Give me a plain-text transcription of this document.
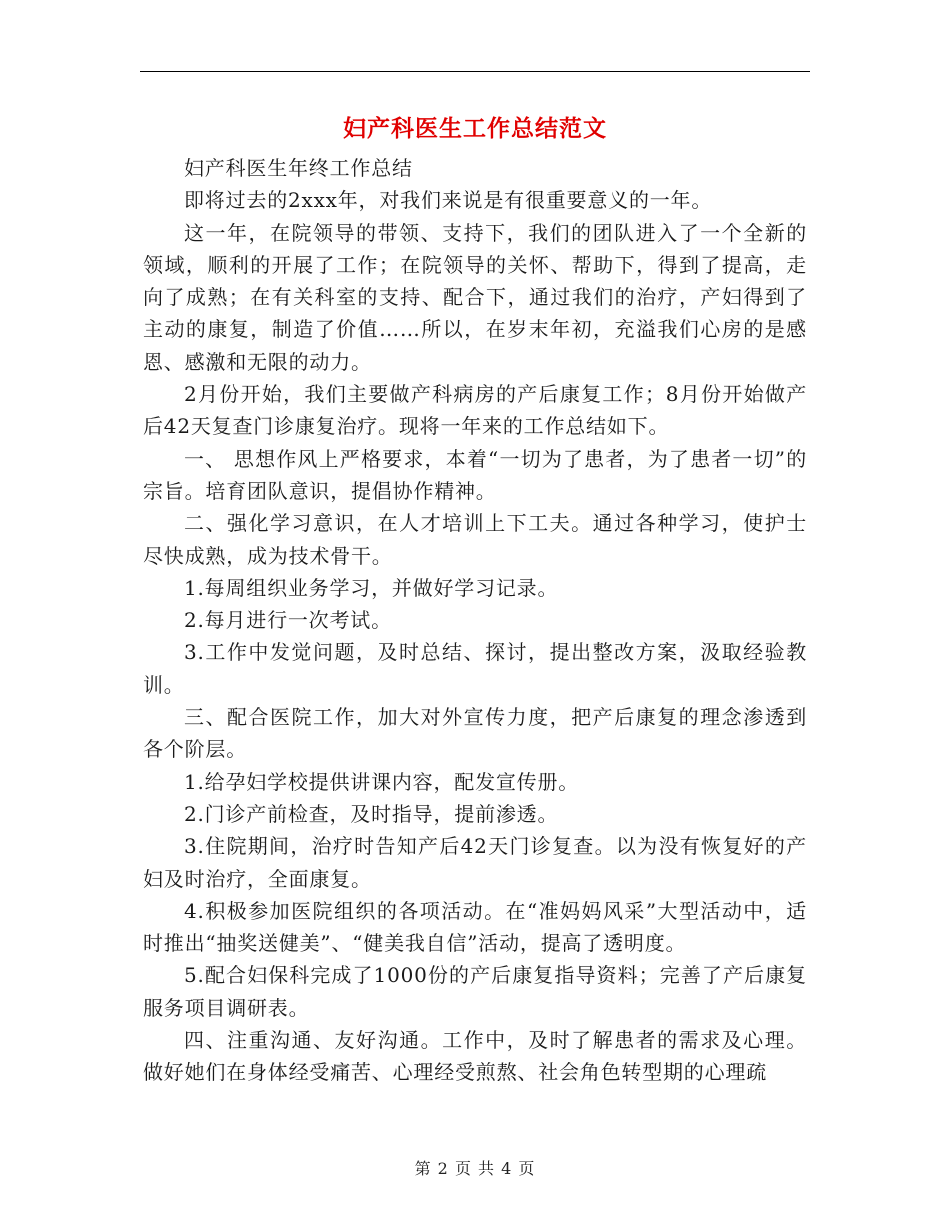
妇产科医生工作总结范文

妇产科医生年终工作总结

即将过去的2xxx年，对我们来说是有很重要意义的一年。

这一年，在院领导的带领、支持下，我们的团队进入了一个全新的领域，顺利的开展了工作；在院领导的关怀、帮助下，得到了提高，走向了成熟；在有关科室的支持、配合下，通过我们的治疗，产妇得到了主动的康复，制造了价值……所以，在岁末年初，充溢我们心房的是感恩、感激和无限的动力。

2月份开始，我们主要做产科病房的产后康复工作；8月份开始做产后42天复查门诊康复治疗。现将一年来的工作总结如下。

一、 思想作风上严格要求，本着“一切为了患者，为了患者一切”的宗旨。培育团队意识，提倡协作精神。

二、强化学习意识，在人才培训上下工夫。通过各种学习，使护士尽快成熟，成为技术骨干。

1.每周组织业务学习，并做好学习记录。

2.每月进行一次考试。

3.工作中发觉问题，及时总结、探讨，提出整改方案，汲取经验教训。

三、配合医院工作，加大对外宣传力度，把产后康复的理念渗透到各个阶层。

1.给孕妇学校提供讲课内容，配发宣传册。

2.门诊产前检查，及时指导，提前渗透。

3.住院期间，治疗时告知产后42天门诊复查。以为没有恢复好的产妇及时治疗，全面康复。

4.积极参加医院组织的各项活动。在“准妈妈风采”大型活动中，适时推出“抽奖送健美”、“健美我自信”活动，提高了透明度。

5.配合妇保科完成了1000份的产后康复指导资料；完善了产后康复服务项目调研表。

四、注重沟通、友好沟通。工作中，及时了解患者的需求及心理。做好她们在身体经受痛苦、心理经受煎熬、社会角色转型期的心理疏

第 2 页 共 4 页
